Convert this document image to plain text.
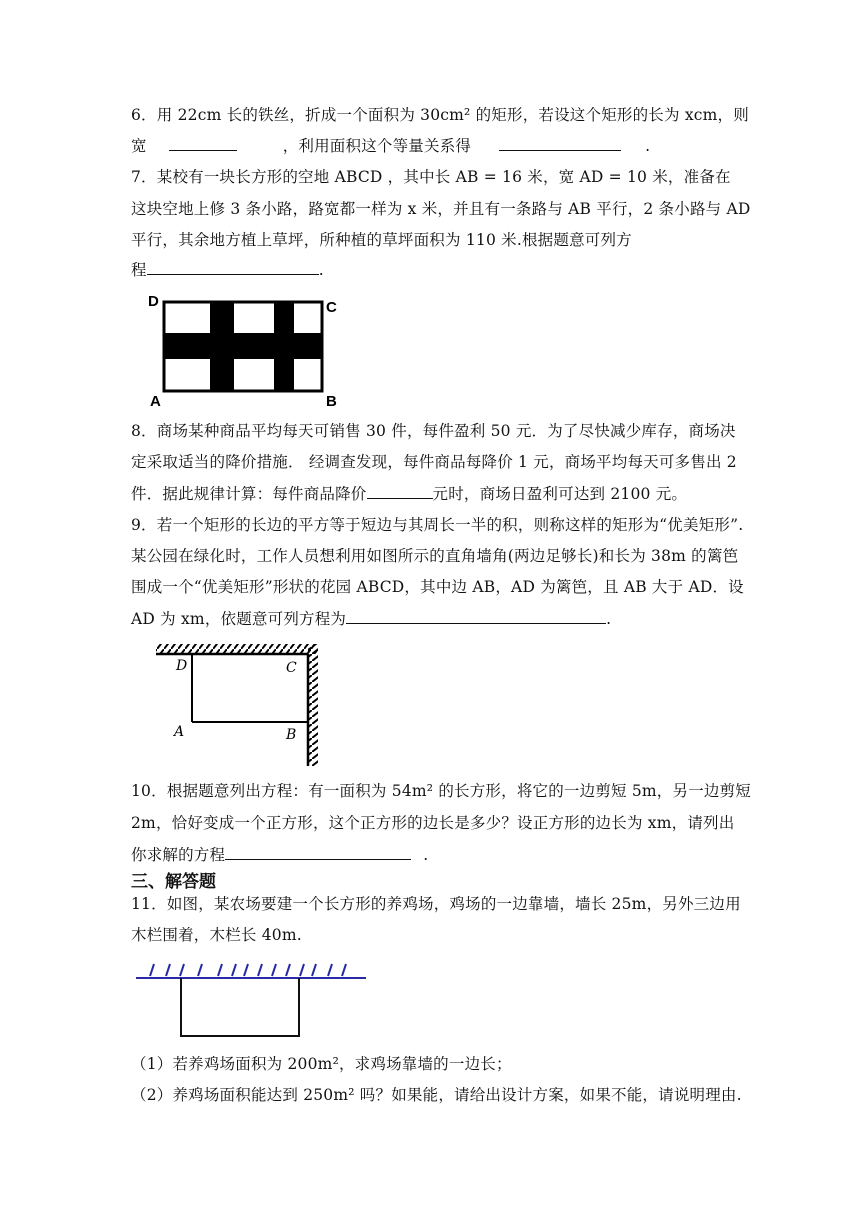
6．用 22cm 长的铁丝，折成一个面积为 30cm² 的矩形，若设这个矩形的长为 xcm，则
宽	，利用面积这个等量关系得	.
7．某校有一块长方形的空地 ABCD ，其中长 AB = 16 米，宽 AD = 10 米，准备在
这块空地上修 3 条小路，路宽都一样为 x 米，并且有一条路与 AB 平行，2 条小路与 AD
平行，其余地方植上草坪，所种植的草坪面积为 110 米.根据题意可列方
程	.
D	C
A	B
8．商场某种商品平均每天可销售 30 件，每件盈利 50 元．为了尽快减少库存，商场决
定采取适当的降价措施． 经调查发现，每件商品每降价 1 元，商场平均每天可多售出 2
件．据此规律计算：每件商品降价	元时，商场日盈利可达到 2100 元。
9．若一个矩形的长边的平方等于短边与其周长一半的积，则称这样的矩形为“优美矩形”.
某公园在绿化时，工作人员想利用如图所示的直角墙角(两边足够长)和长为 38m 的篱笆
围成一个“优美矩形”形状的花园 ABCD，其中边 AB，AD 为篱笆，且 AB 大于 AD．设
AD 为 xm，依题意可列方程为	.
D	C
A	B
10．根据题意列出方程：有一面积为 54m² 的长方形，将它的一边剪短 5m，另一边剪短
2m，恰好变成一个正方形，这个正方形的边长是多少？设正方形的边长为 xm，请列出
你求解的方程	.
三、解答题
11．如图，某农场要建一个长方形的养鸡场，鸡场的一边靠墙，墙长 25m，另外三边用
木栏围着，木栏长 40m.
（1）若养鸡场面积为 200m²，求鸡场靠墙的一边长；
（2）养鸡场面积能达到 250m² 吗？如果能，请给出设计方案，如果不能，请说明理由.
